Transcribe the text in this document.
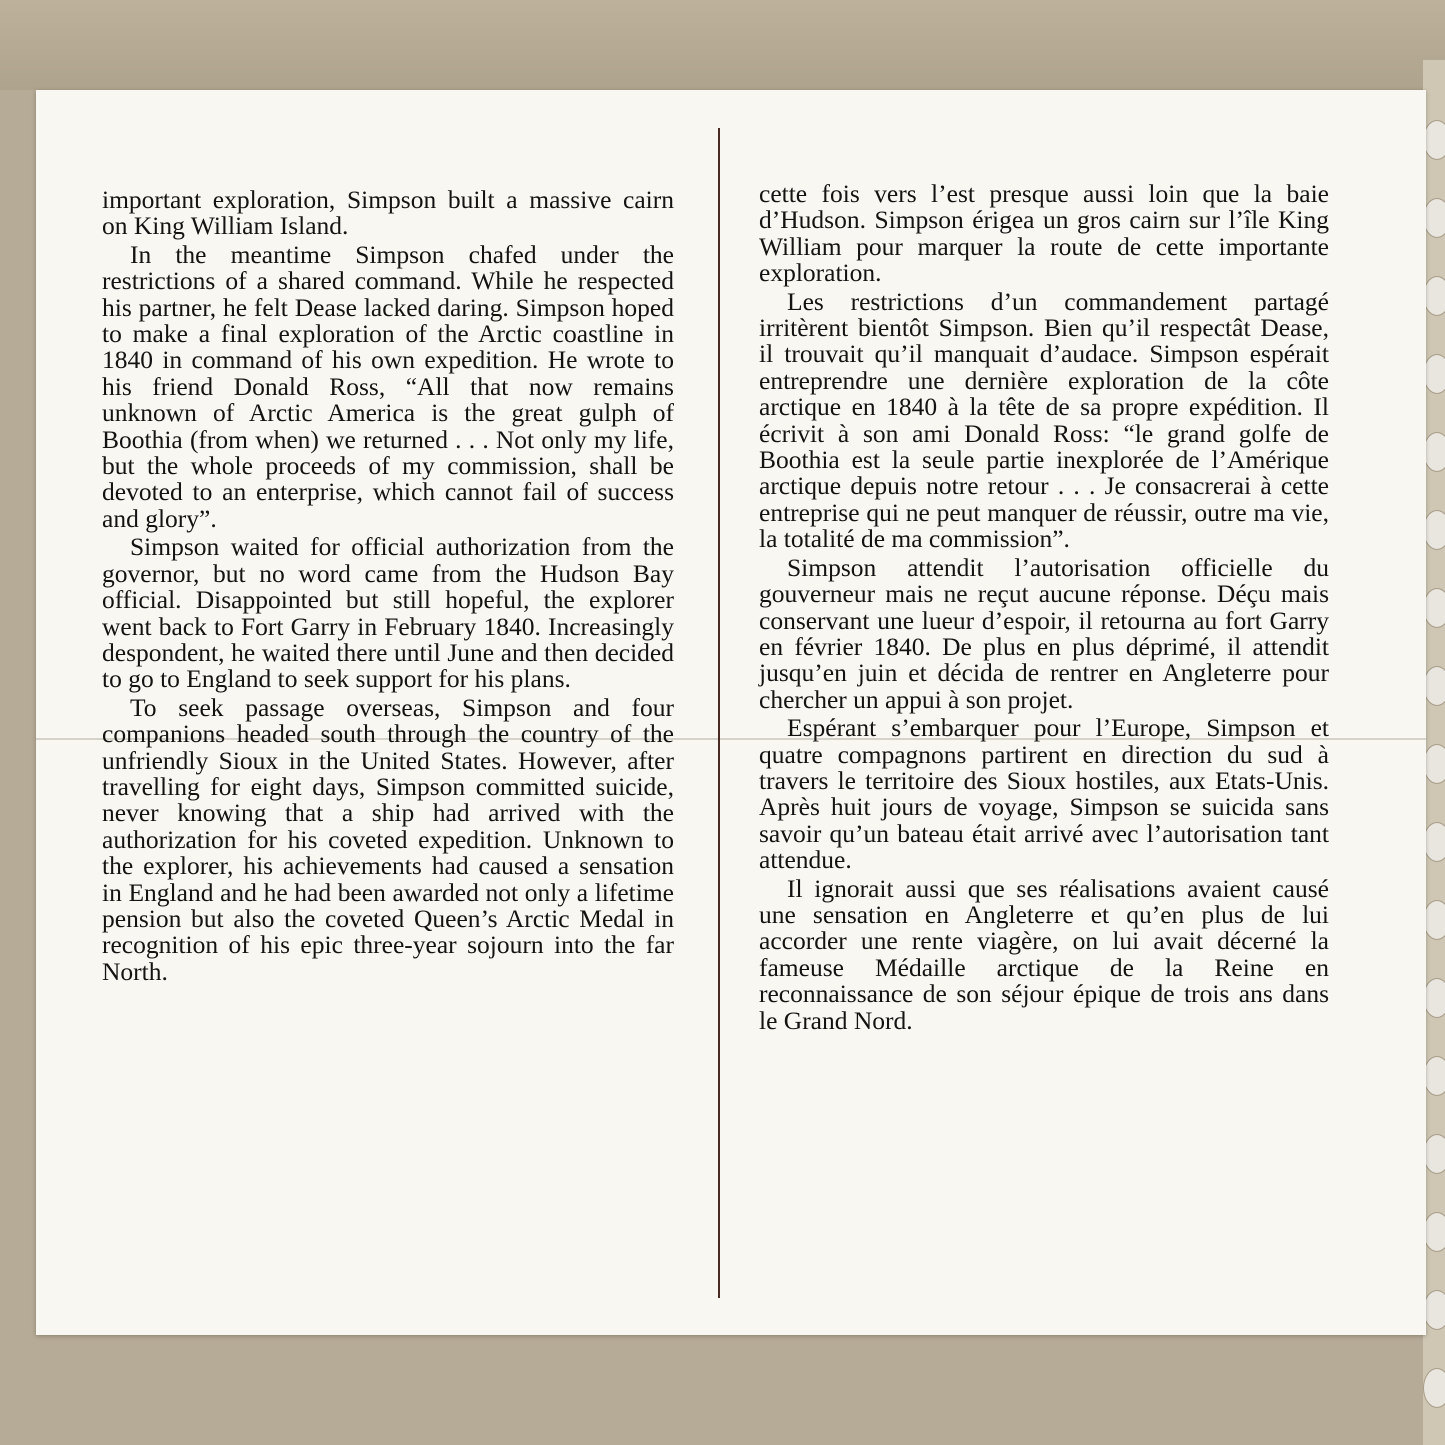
important exploration, Simpson built a massive cairn on King William Island.

In the meantime Simpson chafed under the restrictions of a shared command. While he respected his partner, he felt Dease lacked daring. Simpson hoped to make a final exploration of the Arctic coastline in 1840 in command of his own expedition. He wrote to his friend Donald Ross, “All that now remains unknown of Arctic America is the great gulph of Boothia (from when) we returned . . . Not only my life, but the whole proceeds of my commission, shall be devoted to an enterprise, which cannot fail of success and glory”.

Simpson waited for official authorization from the governor, but no word came from the Hudson Bay official. Disappointed but still hopeful, the explorer went back to Fort Garry in February 1840. Increasingly despondent, he waited there until June and then decided to go to England to seek support for his plans.

To seek passage overseas, Simpson and four companions headed south through the country of the unfriendly Sioux in the United States. However, after travelling for eight days, Simpson committed suicide, never knowing that a ship had arrived with the authorization for his coveted expedition. Unknown to the explorer, his achievements had caused a sensation in England and he had been awarded not only a lifetime pension but also the coveted Queen’s Arctic Medal in recognition of his epic three-year sojourn into the far North.

cette fois vers l’est presque aussi loin que la baie d’Hudson. Simpson érigea un gros cairn sur l’île King William pour marquer la route de cette importante exploration.

Les restrictions d’un commandement partagé irritèrent bientôt Simpson. Bien qu’il respectât Dease, il trouvait qu’il manquait d’audace. Simpson espérait entreprendre une dernière exploration de la côte arctique en 1840 à la tête de sa propre expédition. Il écrivit à son ami Donald Ross: “le grand golfe de Boothia est la seule partie inexplorée de l’Amérique arctique depuis notre retour . . . Je consacrerai à cette entreprise qui ne peut manquer de réussir, outre ma vie, la totalité de ma commission”.

Simpson attendit l’autorisation officielle du gouverneur mais ne reçut aucune réponse. Déçu mais conservant une lueur d’espoir, il retourna au fort Garry en février 1840. De plus en plus déprimé, il attendit jusqu’en juin et décida de rentrer en Angleterre pour chercher un appui à son projet.

Espérant s’embarquer pour l’Europe, Simpson et quatre compagnons partirent en direction du sud à travers le territoire des Sioux hostiles, aux Etats-Unis. Après huit jours de voyage, Simpson se suicida sans savoir qu’un bateau était arrivé avec l’autorisation tant attendue.

Il ignorait aussi que ses réalisations avaient causé une sensation en Angleterre et qu’en plus de lui accorder une rente viagère, on lui avait décerné la fameuse Médaille arctique de la Reine en reconnaissance de son séjour épique de trois ans dans le Grand Nord.
